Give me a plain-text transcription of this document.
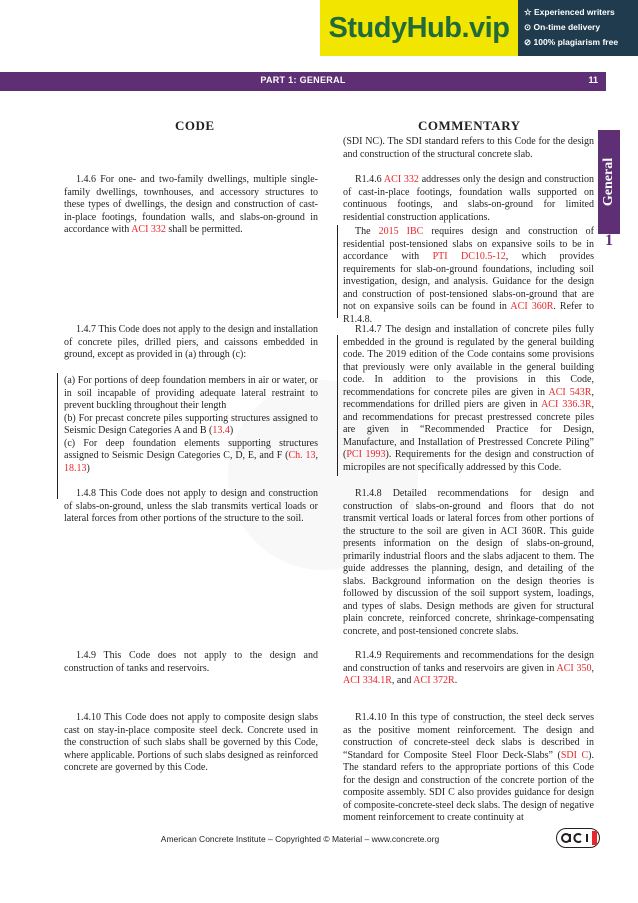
StudyHub.vip ☆ Experienced writers
⊙ On-time delivery
⊘ 100% plagiarism free
PART 1: GENERAL	11
General
1
CODE	COMMENTARY

1.4.6 For one- and two-family dwellings, multiple single-family dwellings, townhouses, and accessory structures to these types of dwellings, the design and construction of cast-in-place footings, foundation walls, and slabs-on-ground in accordance with ACI 332 shall be permitted.

1.4.7 This Code does not apply to the design and installation of concrete piles, drilled piers, and caissons embedded in ground, except as provided in (a) through (c):

(a) For portions of deep foundation members in air or water, or in soil incapable of providing adequate lateral restraint to prevent buckling throughout their length

(b) For precast concrete piles supporting structures assigned to Seismic Design Categories A and B (13.4)

(c) For deep foundation elements supporting structures assigned to Seismic Design Categories C, D, E, and F (Ch. 13, 18.13)

1.4.8 This Code does not apply to design and construction of slabs-on-ground, unless the slab transmits vertical loads or lateral forces from other portions of the structure to the soil.

1.4.9 This Code does not apply to the design and construction of tanks and reservoirs.

1.4.10 This Code does not apply to composite design slabs cast on stay-in-place composite steel deck. Concrete used in the construction of such slabs shall be governed by this Code, where applicable. Portions of such slabs designed as reinforced concrete are governed by this Code.

(SDI NC). The SDI standard refers to this Code for the design and construction of the structural concrete slab.

R1.4.6 ACI 332 addresses only the design and construction of cast-in-place footings, foundation walls supported on continuous footings, and slabs-on-ground for limited residential construction applications.

The 2015 IBC requires design and construction of residential post-tensioned slabs on expansive soils to be in accordance with PTI DC10.5-12, which provides requirements for slab-on-ground foundations, including soil investigation, design, and analysis. Guidance for the design and construction of post-tensioned slabs-on-ground that are not on expansive soils can be found in ACI 360R. Refer to R1.4.8.

R1.4.7 The design and installation of concrete piles fully embedded in the ground is regulated by the general building code. The 2019 edition of the Code contains some provisions that previously were only available in the general building code. In addition to the provisions in this Code, recommendations for concrete piles are given in ACI 543R, recommendations for drilled piers are given in ACI 336.3R, and recommendations for precast prestressed concrete piles are given in “Recommended Practice for Design, Manufacture, and Installation of Prestressed Concrete Piling” (PCI 1993). Requirements for the design and construction of micropiles are not specifically addressed by this Code.

R1.4.8 Detailed recommendations for design and construction of slabs-on-ground and floors that do not transmit vertical loads or lateral forces from other portions of the structure to the soil are given in ACI 360R. This guide presents information on the design of slabs-on-ground, primarily industrial floors and the slabs adjacent to them. The guide addresses the planning, design, and detailing of the slabs. Background information on the design theories is followed by discussion of the soil support system, loadings, and types of slabs. Design methods are given for structural plain concrete, reinforced concrete, shrinkage-compensating concrete, and post-tensioned concrete slabs.

R1.4.9 Requirements and recommendations for the design and construction of tanks and reservoirs are given in ACI 350, ACI 334.1R, and ACI 372R.

R1.4.10 In this type of construction, the steel deck serves as the positive moment reinforcement. The design and construction of concrete-steel deck slabs is described in “Standard for Composite Steel Floor Deck-Slabs” (SDI C). The standard refers to the appropriate portions of this Code for the design and construction of the concrete portion of the composite assembly. SDI C also provides guidance for design of composite-concrete-steel deck slabs. The design of negative moment reinforcement to create continuity at

American Concrete Institute – Copyrighted © Material – www.concrete.org
